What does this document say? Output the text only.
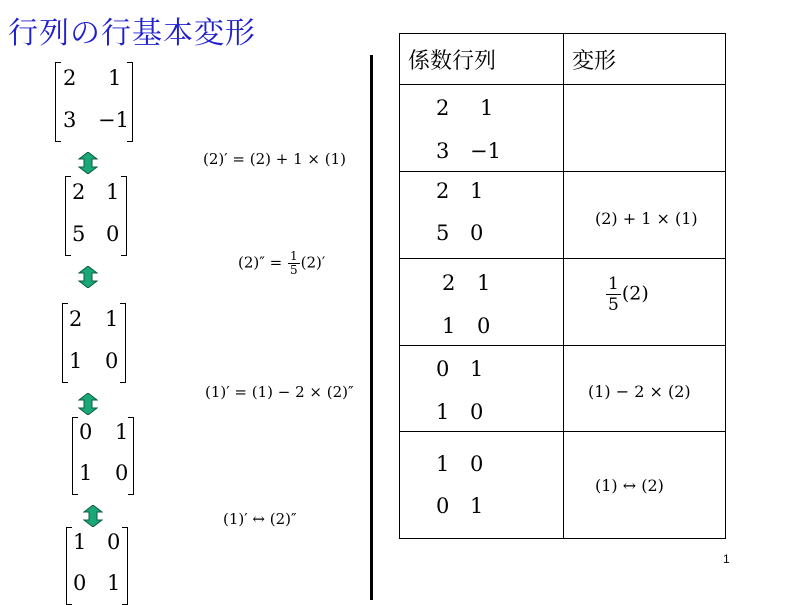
行列の行基本変形
2 1
3 −1
2 1
5 0
2 1
1 0
0 1
1 0
1 0
0 1
(2)′ = (2) + 1 × (1)
$(2)'' = \frac{1}{5} (2)'$
(1)′ = (1) − 2 × (2)″
(1)′ ↔ (2)″
係数行列	変形
2 1
3 −1
2 1
5 0
(2) + 1 × (1)
2 1
1 0
$\frac{1}{5} (2)$
0 1
1 0
(1) − 2 × (2)
1 0
0 1
(1) ↔ (2)
1
